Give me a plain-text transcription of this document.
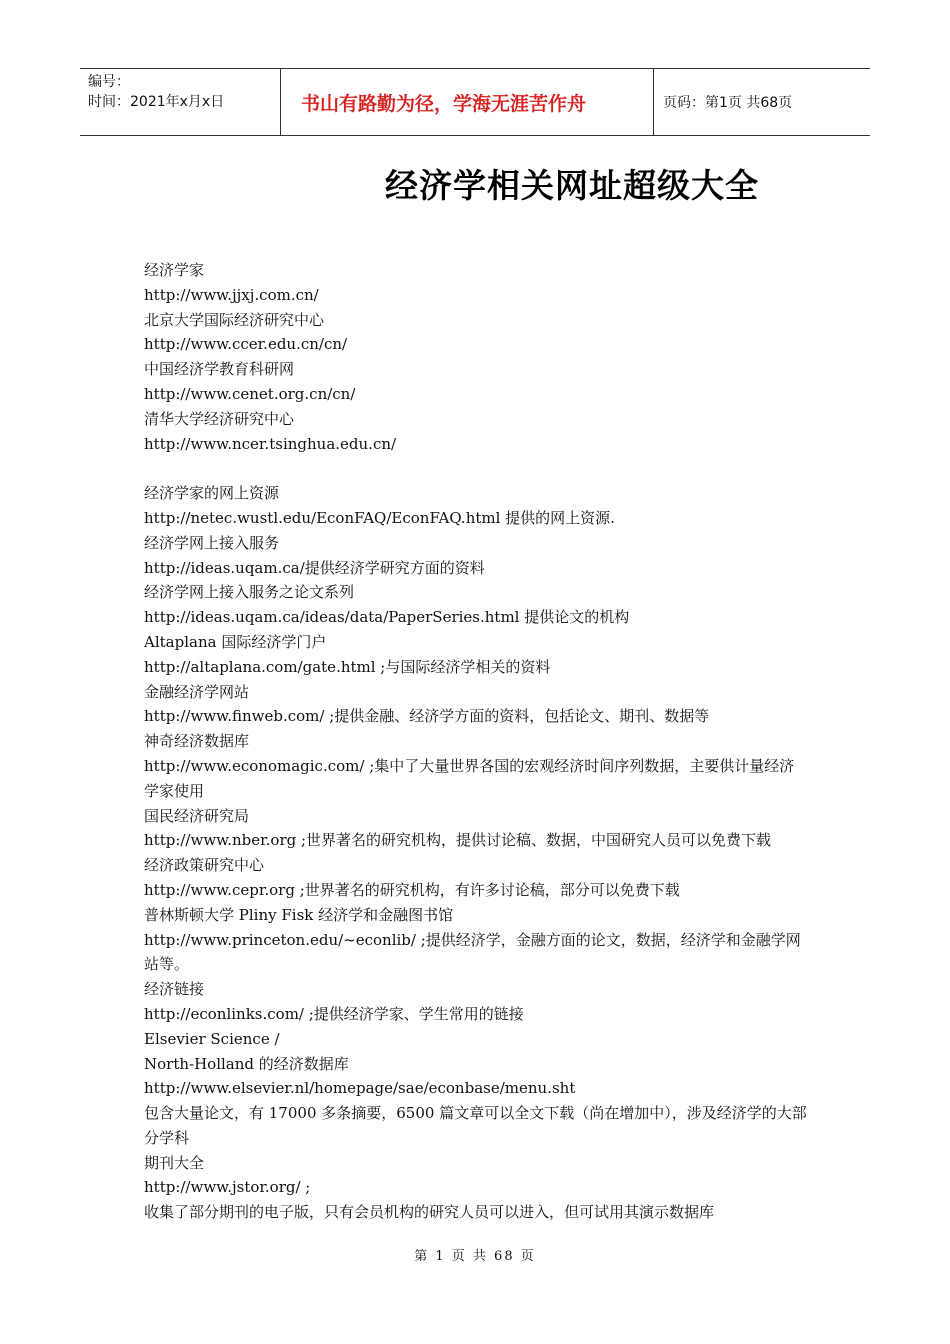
编号：
时间：2021年x月x日	书山有路勤为径，学海无涯苦作舟	页码：第1页 共68页
经济学相关网址超级大全

经济学家

http://www.jjxj.com.cn/

北京大学国际经济研究中心

http://www.ccer.edu.cn/cn/

中国经济学教育科研网

http://www.cenet.org.cn/cn/

清华大学经济研究中心

http://www.ncer.tsinghua.edu.cn/

经济学家的网上资源

http://netec.wustl.edu/EconFAQ/EconFAQ.html 提供的网上资源.

经济学网上接入服务

http://ideas.uqam.ca/提供经济学研究方面的资料

经济学网上接入服务之论文系列

http://ideas.uqam.ca/ideas/data/PaperSeries.html 提供论文的机构

Altaplana 国际经济学门户

http://altaplana.com/gate.html ;与国际经济学相关的资料

金融经济学网站

http://www.finweb.com/ ;提供金融、经济学方面的资料，包括论文、期刊、数据等

神奇经济数据库

http://www.economagic.com/ ;集中了大量世界各国的宏观经济时间序列数据，主要供计量经济学家使用

国民经济研究局

http://www.nber.org ;世界著名的研究机构，提供讨论稿、数据，中国研究人员可以免费下载

经济政策研究中心

http://www.cepr.org ;世界著名的研究机构，有许多讨论稿，部分可以免费下载

普林斯顿大学 Pliny Fisk 经济学和金融图书馆

http://www.princeton.edu/~econlib/ ;提供经济学，金融方面的论文，数据，经济学和金融学网站等。

经济链接

http://econlinks.com/ ;提供经济学家、学生常用的链接

Elsevier Science /

North-Holland 的经济数据库

http://www.elsevier.nl/homepage/sae/econbase/menu.sht

包含大量论文，有 17000 多条摘要，6500 篇文章可以全文下载（尚在增加中），涉及经济学的大部分学科

期刊大全

http://www.jstor.org/ ;

收集了部分期刊的电子版，只有会员机构的研究人员可以进入，但可试用其演示数据库

第 1 页 共 68 页
